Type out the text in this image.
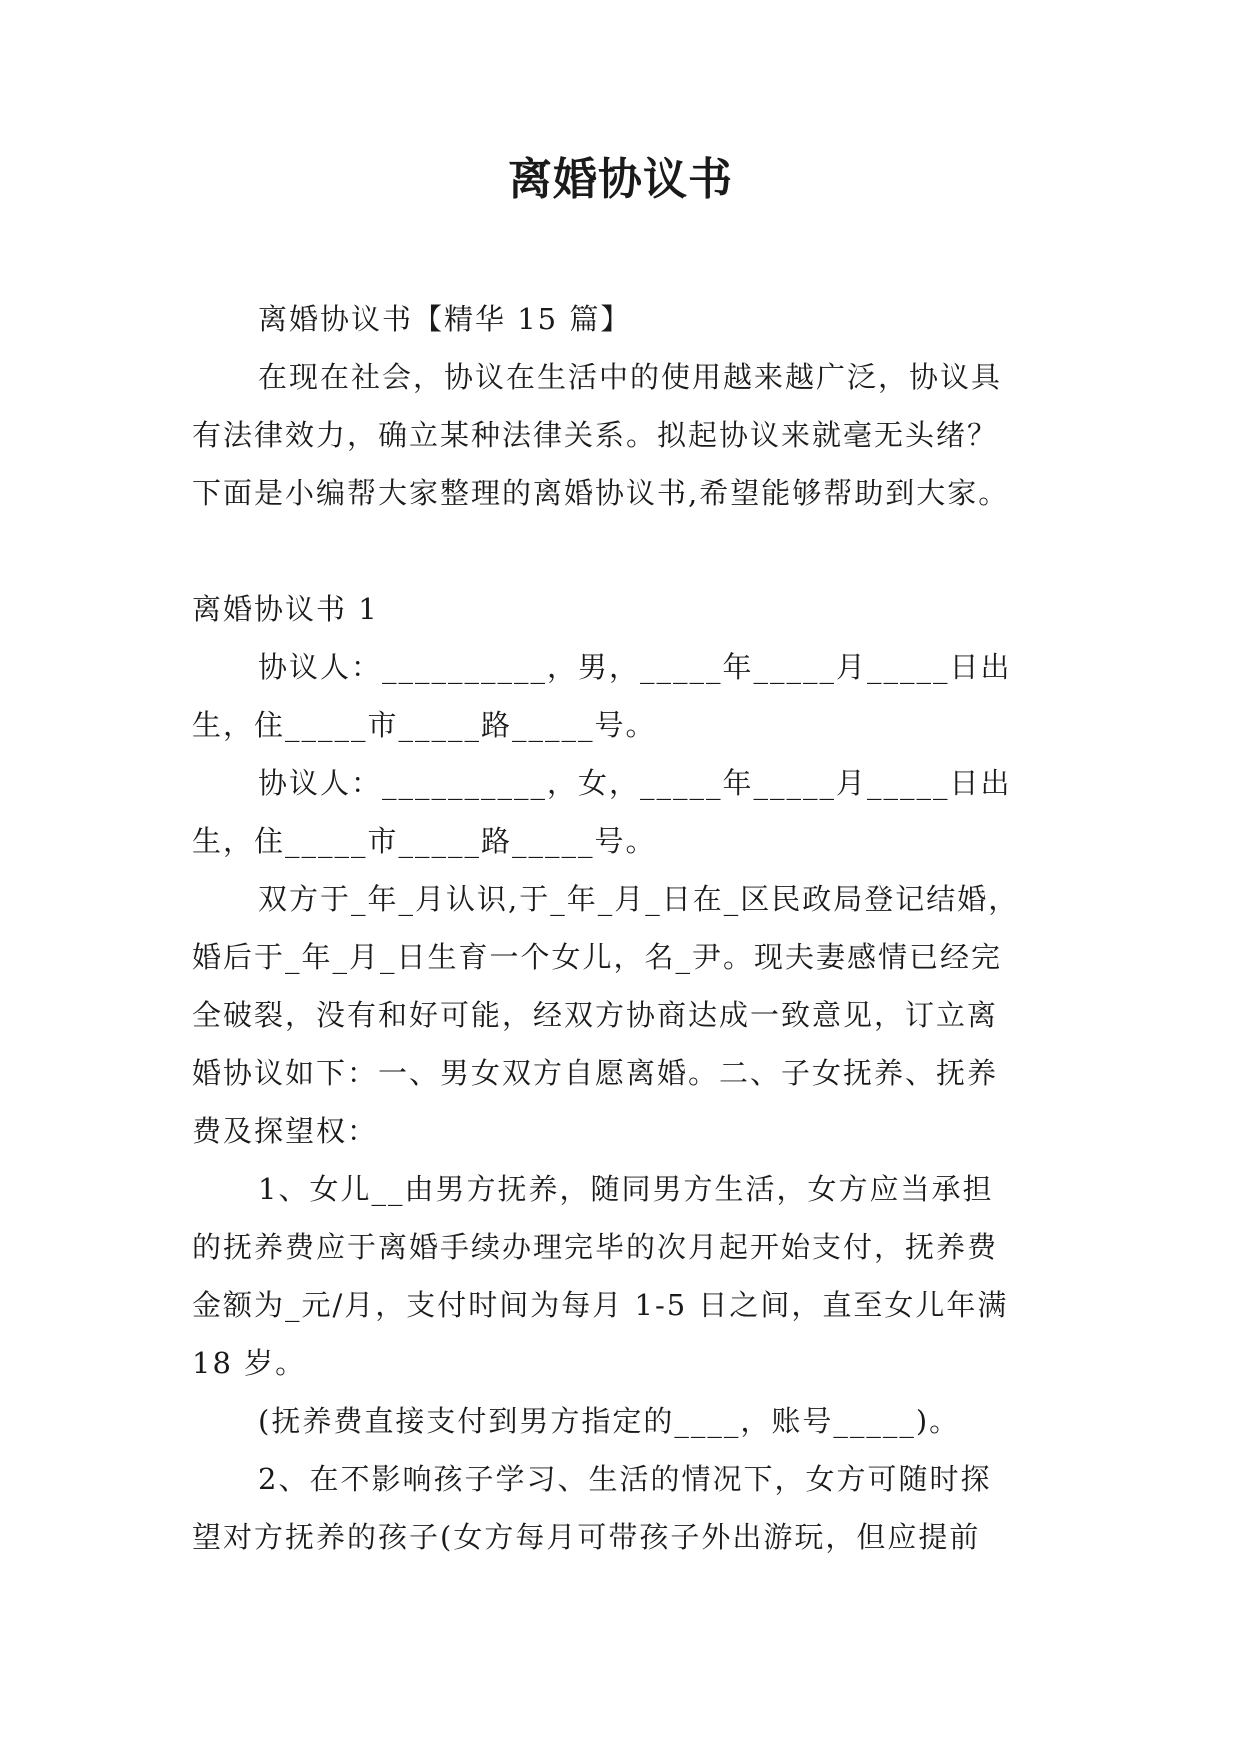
离婚协议书
离婚协议书【精华 15 篇】
在现在社会，协议在生活中的使用越来越广泛，协议具
有法律效力，确立某种法律关系。拟起协议来就毫无头绪？
下面是小编帮大家整理的离婚协议书,希望能够帮助到大家。
离婚协议书 1
协议人：__________，男，_____年_____月_____日出
生，住_____市_____路_____号。
协议人：__________，女，_____年_____月_____日出
生，住_____市_____路_____号。
双方于_年_月认识,于_年_月_日在_区民政局登记结婚，
婚后于_年_月_日生育一个女儿，名_尹。现夫妻感情已经完
全破裂，没有和好可能，经双方协商达成一致意见，订立离
婚协议如下：一、男女双方自愿离婚。二、子女抚养、抚养
费及探望权：
1、女儿__由男方抚养，随同男方生活，女方应当承担
的抚养费应于离婚手续办理完毕的次月起开始支付，抚养费
金额为_元/月，支付时间为每月 1-5 日之间，直至女儿年满
18 岁。
(抚养费直接支付到男方指定的____，账号_____)。
2、在不影响孩子学习、生活的情况下，女方可随时探
望对方抚养的孩子(女方每月可带孩子外出游玩，但应提前
